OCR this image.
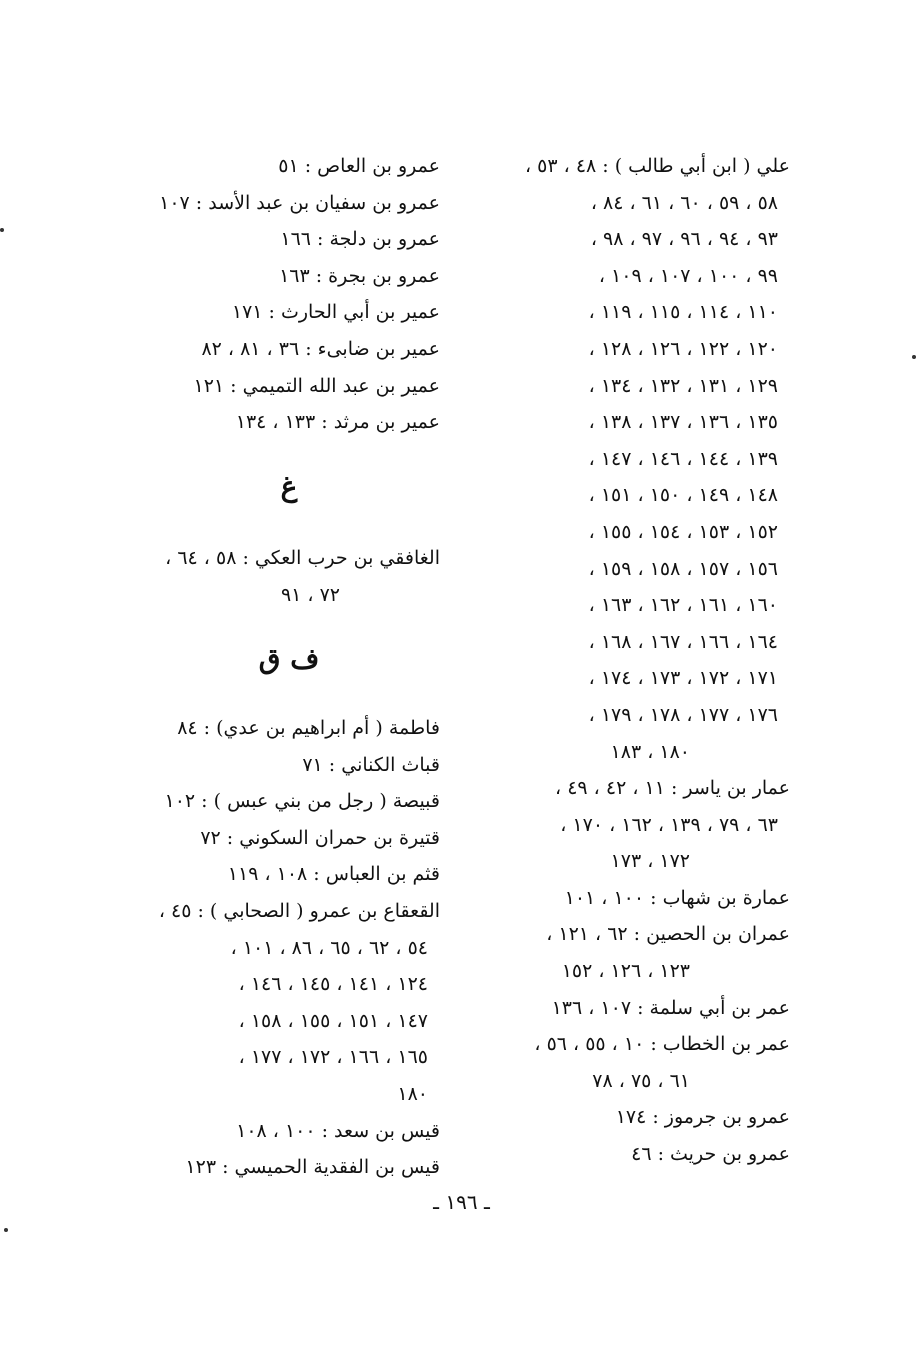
علي ( ابن أبي طالب ) : ٤٨ ، ٥٣ ،
٥٨ ، ٥٩ ، ٦٠ ، ٦١ ، ٨٤ ،
٩٣ ، ٩٤ ، ٩٦ ، ٩٧ ، ٩٨ ،
٩٩ ، ١٠٠ ، ١٠٧ ، ١٠٩ ،
١١٠ ، ١١٤ ، ١١٥ ، ١١٩ ،
١٢٠ ، ١٢٢ ، ١٢٦ ، ١٢٨ ،
١٢٩ ، ١٣١ ، ١٣٢ ، ١٣٤ ،
١٣٥ ، ١٣٦ ، ١٣٧ ، ١٣٨ ،
١٣٩ ، ١٤٤ ، ١٤٦ ، ١٤٧ ،
١٤٨ ، ١٤٩ ، ١٥٠ ، ١٥١ ،
١٥٢ ، ١٥٣ ، ١٥٤ ، ١٥٥ ،
١٥٦ ، ١٥٧ ، ١٥٨ ، ١٥٩ ،
١٦٠ ، ١٦١ ، ١٦٢ ، ١٦٣ ،
١٦٤ ، ١٦٦ ، ١٦٧ ، ١٦٨ ،
١٧١ ، ١٧٢ ، ١٧٣ ، ١٧٤ ،
١٧٦ ، ١٧٧ ، ١٧٨ ، ١٧٩ ،
١٨٠ ، ١٨٣
عمار بن ياسر : ١١ ، ٤٢ ، ٤٩ ،
٦٣ ، ٧٩ ، ١٣٩ ، ١٦٢ ، ١٧٠ ،
١٧٢ ، ١٧٣
عمارة بن شهاب : ١٠٠ ، ١٠١
عمران بن الحصين : ٦٢ ، ١٢١ ،
١٢٣ ، ١٢٦ ، ١٥٢
عمر بن أبي سلمة : ١٠٧ ، ١٣٦
عمر بن الخطاب : ١٠ ، ٥٥ ، ٥٦ ،
٦١ ، ٧٥ ، ٧٨
عمرو بن جرموز : ١٧٤
عمرو بن حريث : ٤٦
عمرو بن العاص : ٥١
عمرو بن سفيان بن عبد الأسد : ١٠٧
عمرو بن دلجة : ١٦٦
عمرو بن بجرة : ١٦٣
عمير بن أبي الحارث : ١٧١
عمير بن ضابىء : ٣٦ ، ٨١ ، ٨٢
عمير بن عبد الله التميمي : ١٢١
عمير بن مرثد : ١٣٣ ، ١٣٤
غ
الغافقي بن حرب العكي : ٥٨ ، ٦٤ ،
٧٢ ، ٩١
ف ق
فاطمة ( أم ابراهيم بن عدي) : ٨٤
قباث الكناني : ٧١
قبيصة ( رجل من بني عبس ) : ١٠٢
قتيرة بن حمران السكوني : ٧٢
قثم بن العباس : ١٠٨ ، ١١٩
القعقاع بن عمرو ( الصحابي ) : ٤٥ ،
٥٤ ، ٦٢ ، ٦٥ ، ٨٦ ، ١٠١ ،
١٢٤ ، ١٤١ ، ١٤٥ ، ١٤٦ ،
١٤٧ ، ١٥١ ، ١٥٥ ، ١٥٨ ،
١٦٥ ، ١٦٦ ، ١٧٢ ، ١٧٧ ،
١٨٠
قيس بن سعد : ١٠٠ ، ١٠٨
قيس بن الفقدية الحميسي : ١٢٣
ـ ١٩٦ ـ
